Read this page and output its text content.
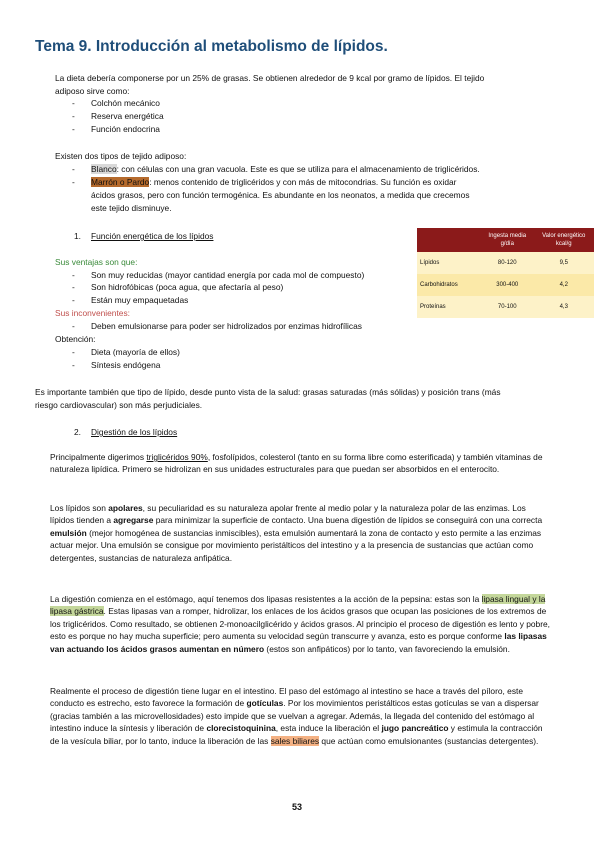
Tema 9. Introducción al metabolismo de lípidos.
La dieta debería componerse por un 25% de grasas. Se obtienen alrededor de 9 kcal por gramo de lípidos. El tejido
adiposo sirve como:
- Colchón mecánico
- Reserva energética
- Función endocrina
Existen dos tipos de tejido adiposo:
- Blanco: con células con una gran vacuola. Este es que se utiliza para el almacenamiento de triglicéridos.
- Marrón o Pardo: menos contenido de triglicéridos y con más de mitocondrias. Su función es oxidar
ácidos grasos, pero con función termogénica. Es abundante en los neonatos, a medida que crecemos
este tejido disminuye.
1. Función energética de los lípidos
Sus ventajas son que:
- Son muy reducidas (mayor cantidad energía por cada mol de compuesto)
- Son hidrofóbicas (poca agua, que afectaría al peso)
- Están muy empaquetadas
Sus inconvenientes:
- Deben emulsionarse para poder ser hidrolizados por enzimas hidrofílicas
Obtención:
- Dieta (mayoría de ellos)
- Síntesis endógena
	Ingesta media g/día	Valor energético kcal/g
Lípidos	80-120	9,5
Carbohidratos	300-400	4,2
Proteínas	70-100	4,3
Es importante también que tipo de lípido, desde punto vista de la salud: grasas saturadas (más sólidas) y posición trans (más
riesgo cardiovascular) son más perjudiciales.
2. Digestión de los lípidos
Principalmente digerimos triglicéridos 90%, fosfolípidos, colesterol (tanto en su forma libre como esterificada) y también vitaminas de naturaleza lipídica. Primero se hidrolizan en sus unidades estructurales para que puedan ser absorbidos en el enterocito.
Los lípidos son apolares, su peculiaridad es su naturaleza apolar frente al medio polar y la naturaleza polar de las enzimas. Los lípidos tienden a agregarse para minimizar la superficie de contacto. Una buena digestión de lípidos se conseguirá con una correcta emulsión (mejor homogénea de sustancias inmiscibles), esta emulsión aumentará la zona de contacto y esto permite a las enzimas actuar mejor. Una emulsión se consigue por movimiento peristálticos del intestino y a la presencia de sustancias que actúan como detergentes, sustancias de naturaleza anfipática.
La digestión comienza en el estómago, aquí tenemos dos lipasas resistentes a la acción de la pepsina: estas son la lipasa lingual y la lipasa gástrica. Estas lipasas van a romper, hidrolizar, los enlaces de los ácidos grasos que ocupan las posiciones de los extremos de los triglicéridos. Como resultado, se obtienen 2-monoacilglicérido y ácidos grasos. Al principio el proceso de digestión es lento y pobre, esto es porque no hay mucha superficie; pero aumenta su velocidad según transcurre y avanza, esto es porque conforme las lipasas van actuando los ácidos grasos aumentan en número (estos son anfipáticos) por lo tanto, van favoreciendo la emulsión.
Realmente el proceso de digestión tiene lugar en el intestino. El paso del estómago al intestino se hace a través del píloro, este conducto es estrecho, esto favorece la formación de gotículas. Por los movimientos peristálticos estas gotículas se van a dispersar (gracias también a las microvellosidades) esto impide que se vuelvan a agregar. Además, la llegada del contenido del estómago al intestino induce la síntesis y liberación de clorecistoquinina, esta induce la liberación el jugo pancreático y estimula la contracción de la vesícula biliar, por lo tanto, induce la liberación de las sales biliares que actúan como emulsionantes (sustancias detergentes).
53
